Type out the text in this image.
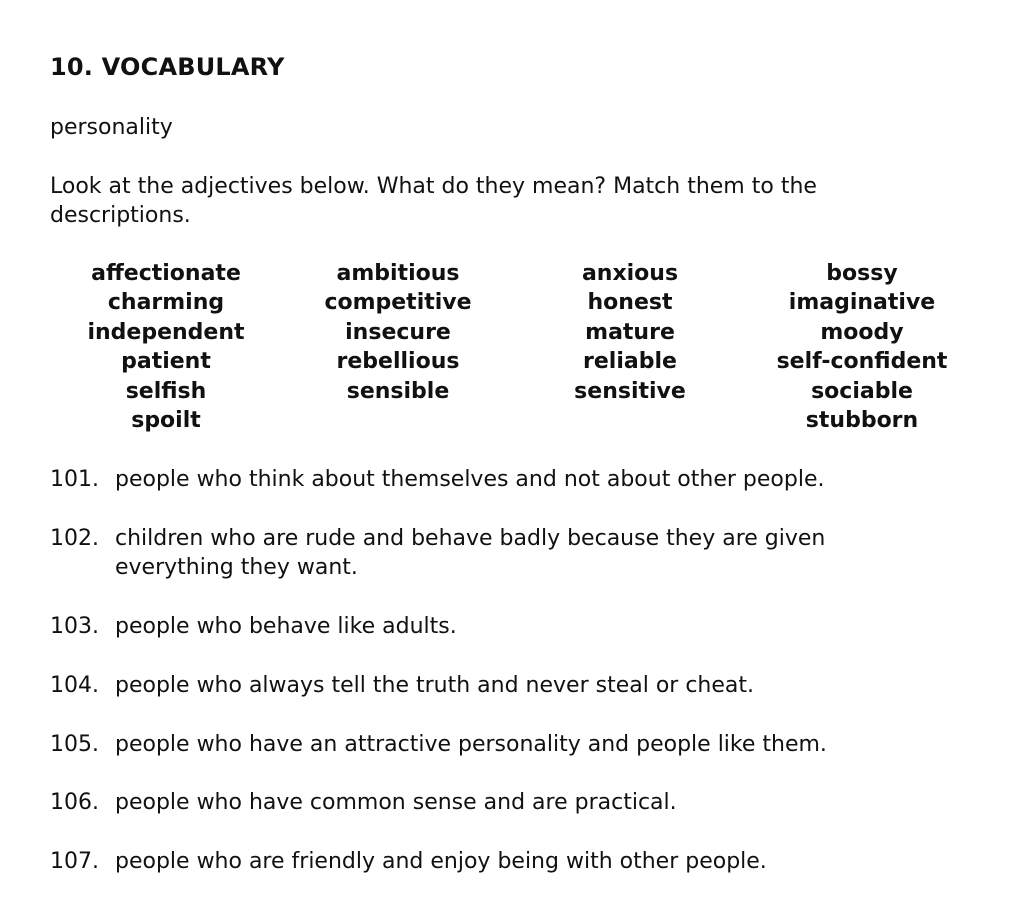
10. VOCABULARY

personality

Look at the adjectives below. What do they mean? Match them to the descriptions.

affectionate
charming
independent
patient
selfish
spoilt
ambitious
competitive
insecure
rebellious
sensible
anxious
honest
mature
reliable
sensitive
bossy
imaginative
moody
self-confident
sociable
stubborn
101. people who think about themselves and not about other people.
102. children who are rude and behave badly because they are given everything they want.
103. people who behave like adults.
104. people who always tell the truth and never steal or cheat.
105. people who have an attractive personality and people like them.
106. people who have common sense and are practical.
107. people who are friendly and enjoy being with other people.
